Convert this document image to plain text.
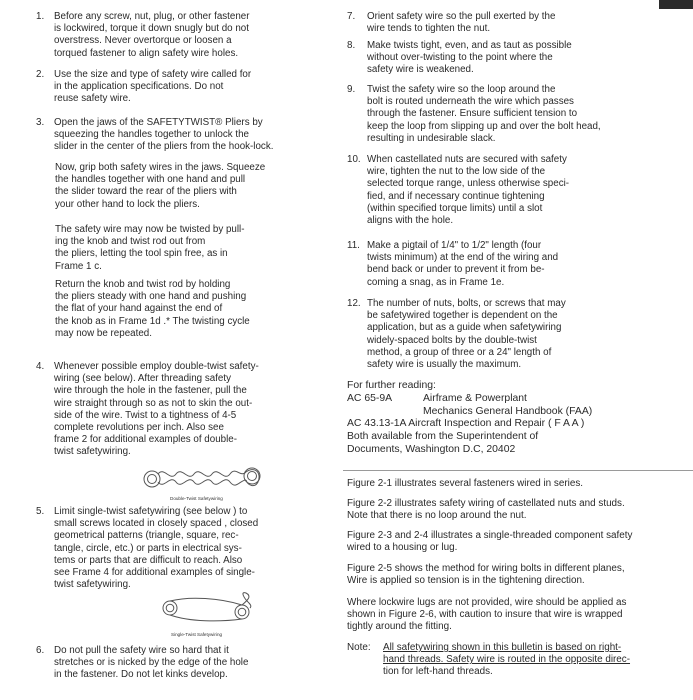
1. Before any screw, nut, plug, or other fastener
is lockwired, torque it down snugly but do not
overstress. Never overtorque or loosen a
torqued fastener to align safety wire holes.
2. Use the size and type of safety wire called for
in the application specifications. Do not
reuse safety wire.
3. Open the jaws of the SAFETYTWIST® Pliers by
squeezing the handles together to unlock the
slider in the center of the pliers from the hook-lock.
Now, grip both safety wires in the jaws. Squeeze
the handles together with one hand and pull
the slider toward the rear of the pliers with
your other hand to lock the pliers.
The safety wire may now be twisted by pull-
ing the knob and twist rod out from
the pliers, letting the tool spin free, as in
Frame 1 c.
Return the knob and twist rod by holding
the pliers steady with one hand and pushing
the flat of your hand against the end of
the knob as in Frame 1d .* The twisting cycle
may now be repeated.
4. Whenever possible employ double-twist safety-
wiring (see below). After threading safety
wire through the hole in the fastener, pull the
wire straight through so as not to skin the out-
side of the wire. Twist to a tightness of 4-5
complete revolutions per inch. Also see
frame 2 for additional examples of double-
twist safetywiring.
Double-Twist Safetywiring
5. Limit single-twist safetywiring (see below ) to
small screws located in closely spaced , closed
geometrical patterns (triangle, square, rec-
tangle, circle, etc.) or parts in electrical sys-
tems or parts that are difficult to reach. Also
see Frame 4 for additional examples of single-
twist safetywiring.
Single-Twist Safetywiring
6. Do not pull the safety wire so hard that it
stretches or is nicked by the edge of the hole
in the fastener. Do not let kinks develop.
7. Orient safety wire so the pull exerted by the
wire tends to tighten the nut.
8. Make twists tight, even, and as taut as possible
without over-twisting to the point where the
safety wire is weakened.
9. Twist the safety wire so the loop around the
bolt is routed underneath the wire which passes
through the fastener. Ensure sufficient tension to
keep the loop from slipping up and over the bolt head,
resulting in undesirable slack.
10. When castellated nuts are secured with safety
wire, tighten the nut to the low side of the
selected torque range, unless otherwise speci-
fied, and if necessary continue tightening
(within specified torque limits) until a slot
aligns with the hole.
11. Make a pigtail of 1/4" to 1/2" length (four
twists minimum) at the end of the wiring and
bend back or under to prevent it from be-
coming a snag, as in Frame 1e.
12. The number of nuts, bolts, or screws that may
be safetywired together is dependent on the
application, but as a guide when safetywiring
widely-spaced bolts by the double-twist
method, a group of three or a 24" length of
safety wire is usually the maximum.
For further reading:
AC 65-9A	Airframe & Powerplant
Mechanics General Handbook (FAA)
AC 43.13-1A Aircraft Inspection and Repair ( F A A )
Both available from the Superintendent of
Documents, Washington D.C, 20402
Figure 2-1 illustrates several fasteners wired in series.
Figure 2-2 illustrates safety wiring of castellated nuts and studs.
Note that there is no loop around the nut.
Figure 2-3 and 2-4 illustrates a single-threaded component safety
wired to a housing or lug.
Figure 2-5 shows the method for wiring bolts in different planes,
Wire is applied so tension is in the tightening direction.
Where lockwire lugs are not provided, wire should be applied as
shown in Figure 2-6, with caution to insure that wire is wrapped
tightly around the fitting.
Note: All safetywiring shown in this bulletin is based on right-
hand threads. Safety wire is routed in the opposite direc-
tion for left-hand threads.
